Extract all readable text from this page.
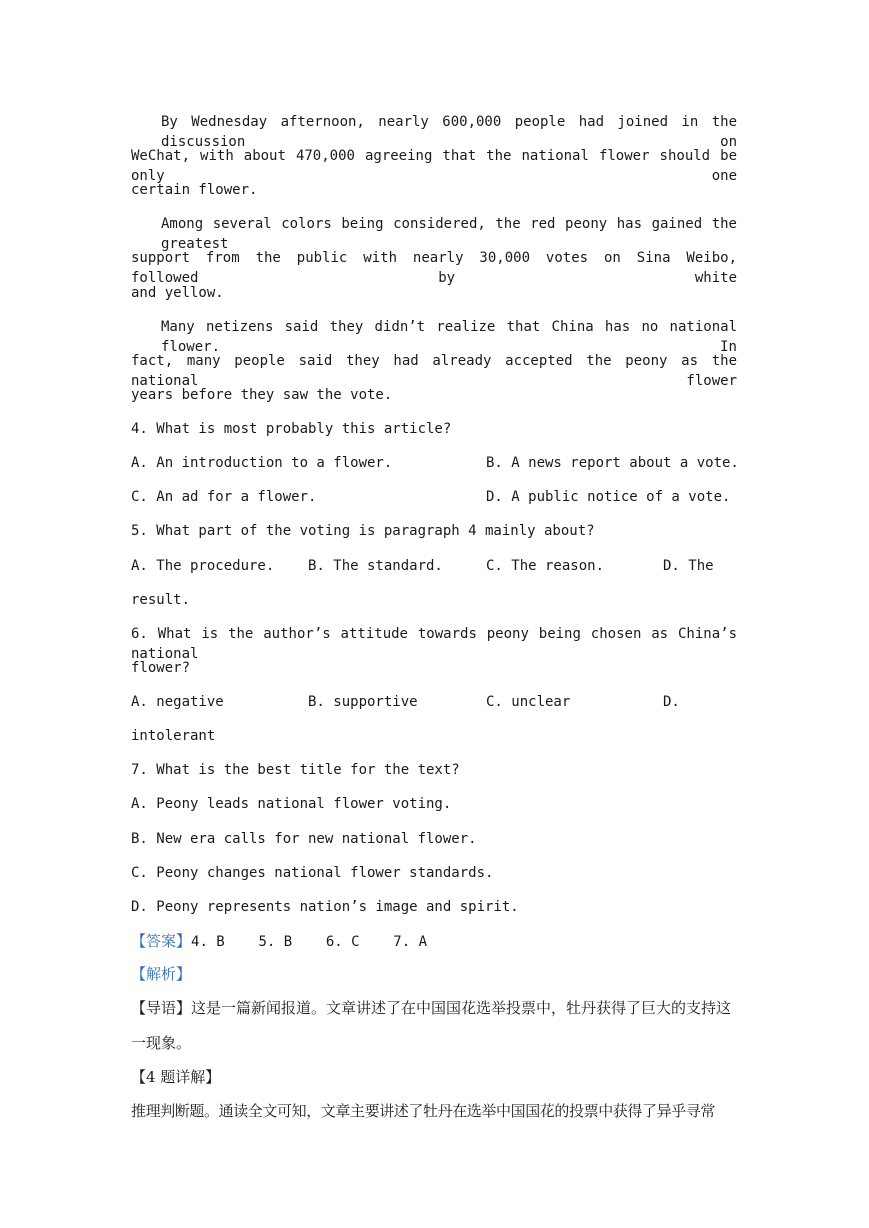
By Wednesday afternoon, nearly 600,000 people had joined in the discussion on
WeChat, with about 470,000 agreeing that the national flower should be only one
certain flower.
Among several colors being considered, the red peony has gained the greatest
support from the public with nearly 30,000 votes on Sina Weibo, followed by white
and yellow.
Many netizens said they didn’t realize that China has no national flower. In
fact, many people said they had already accepted the peony as the national flower
years before they saw the vote.
4. What is most probably this article?
A. An introduction to a flower.	B. A news report about a vote.
C. An ad for a flower.	D. A public notice of a vote.
5. What part of the voting is paragraph 4 mainly about?
A. The procedure. B. The standard.	C. The reason.	D. The
result.
6. What is the author’s attitude towards peony being chosen as China’s national
flower?
A. negative	B. supportive	C. unclear	D.
intolerant
7. What is the best title for the text?
A. Peony leads national flower voting.
B. New era calls for new national flower.
C. Peony changes national flower standards.
D. Peony represents nation’s image and spirit.
【答案】4. B    5. B    6. C    7. A
【解析】
【导语】这是一篇新闻报道。文章讲述了在中国国花选举投票中，牡丹获得了巨大的支持这
一现象。
【4 题详解】
推理判断题。通读全文可知，文章主要讲述了牡丹在选举中国国花的投票中获得了异乎寻常
